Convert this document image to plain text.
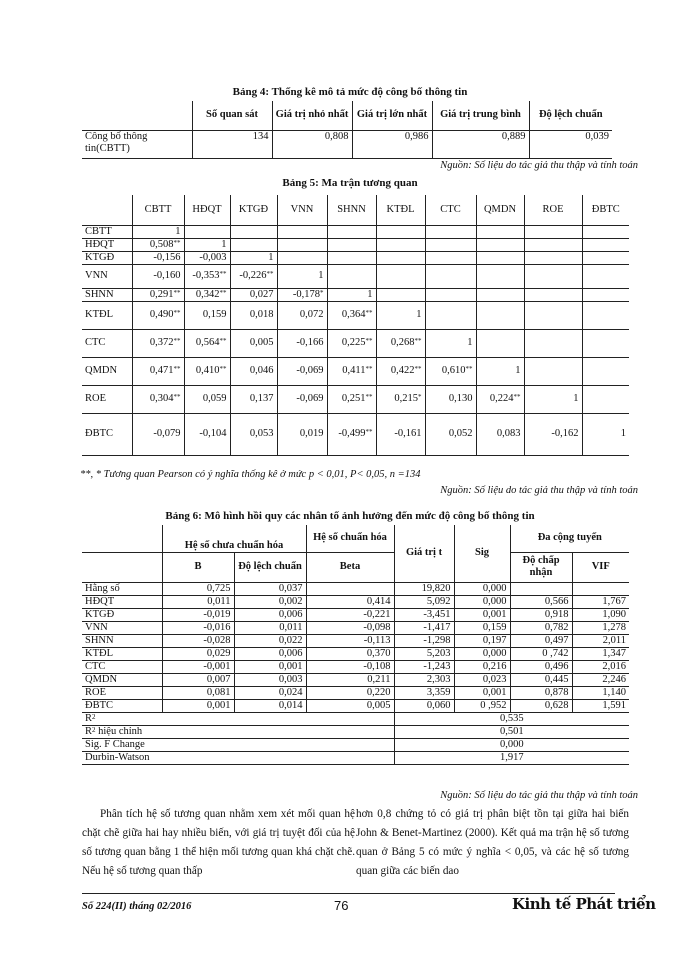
Bảng 4: Thống kê mô tả mức độ công bố thông tin
	Số quan sát	Giá trị nhỏ nhất	Giá trị lớn nhất	Giá trị trung bình	Độ lệch chuẩn
Công bố thông tin(CBTT)	134	0,808	0,986	0,889	0,039
Nguồn: Số liệu do tác giả thu thập và tính toán
Bảng 5: Ma trận tương quan
	CBTT	HĐQT	KTGĐ	VNN	SHNN	KTĐL	CTC	QMDN	ROE	ĐBTC
CBTT	1									
HĐQT	0,508**	1								
KTGĐ	-0,156	-0,003	1							
VNN	-0,160	-0,353**	-0,226**	1						
SHNN	0,291**	0,342**	0,027	-0,178*	1					
KTĐL	0,490**	0,159	0,018	0,072	0,364**	1				
CTC	0,372**	0,564**	0,005	-0,166	0,225**	0,268**	1			
QMDN	0,471**	0,410**	0,046	-0,069	0,411**	0,422**	0,610**	1		
ROE	0,304**	0,059	0,137	-0,069	0,251**	0,215*	0,130	0,224**	1	
ĐBTC	-0,079	-0,104	0,053	0,019	-0,499**	-0,161	0,052	0,083	-0,162	1
**, * Tương quan Pearson có ý nghĩa thống kê ở mức p < 0,01, P< 0,05, n =134
Nguồn: Số liệu do tác giả thu thập và tính toán
Bảng 6: Mô hình hồi quy các nhân tố ảnh hưởng đến mức độ công bố thông tin
	Hệ số chưa chuẩn hóa		Hệ số chuẩn hóa	Giá trị t	Sig	Đa cộng tuyến	
	B	Độ lệch chuẩn	Beta			Độ chấp nhận	VIF
Hằng số	0,725	0,037		19,820	0,000		
HĐQT	0,011	0,002	0,414	5,092	0,000	0,566	1,767
KTGĐ	-0,019	0,006	-0,221	-3,451	0,001	0,918	1,090
VNN	-0,016	0,011	-0,098	-1,417	0,159	0,782	1,278
SHNN	-0,028	0,022	-0,113	-1,298	0,197	0,497	2,011
KTĐL	0,029	0,006	0,370	5,203	0,000	0 ,742	1,347
CTC	-0,001	0,001	-0,108	-1,243	0,216	0,496	2,016
QMDN	0,007	0,003	0,211	2,303	0,023	0,445	2,246
ROE	0,081	0,024	0,220	3,359	0,001	0,878	1,140
ĐBTC	0,001	0,014	0,005	0,060	0 ,952	0,628	1,591
$R^2$				0,535			
$R^2$ hiệu chỉnh				0,501			
Sig. F Change				0,000			
Durbin-Watson				1,917			
Nguồn: Số liệu do tác giả thu thập và tính toán

Phân tích hệ số tương quan nhằm xem xét mối quan hệ chặt chẽ giữa hai hay nhiều biến, với giá trị tuyệt đối của hệ số tương quan bằng 1 thể hiện mối tương quan khá chặt chẽ. Nếu hệ số tương quan thấp

hơn 0,8 chứng tỏ có giá trị phân biệt tồn tại giữa hai biến John & Benet-Martinez (2000). Kết quả ma trận hệ số tương quan ở Bảng 5 có mức ý nghĩa < 0,05, và các hệ số tương quan giữa các biến dao

Số 224(II) tháng 02/2016	76	Kinh tế Phát triển
